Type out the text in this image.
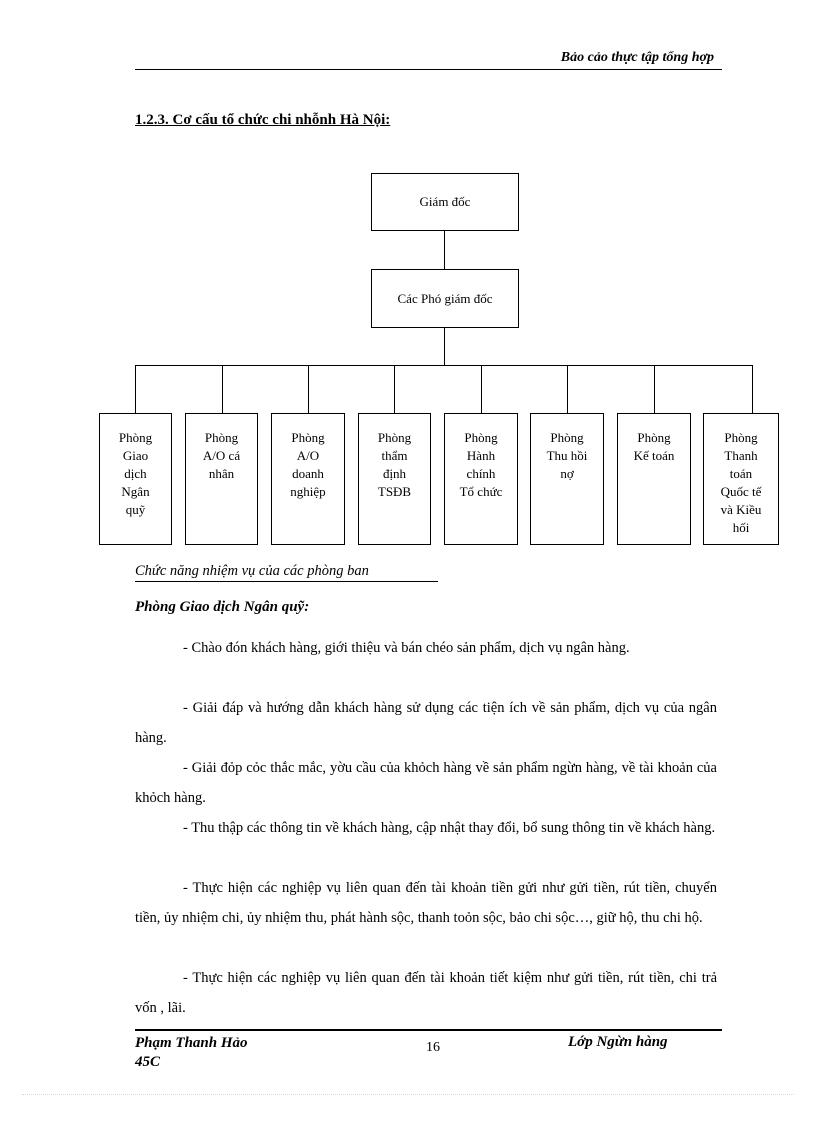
Bảo cảo thực tập tổng hợp
1.2.3. Cơ cấu tổ chức chi nhỗnh Hà Nội:
Giám đốc
Các Phó giám đốc
Phòng
Giao
dịch
Ngân
quỹ
Phòng
A/O cá
nhân
Phòng
A/O
doanh
nghiệp
Phòng
thẩm
định
TSĐB
Phòng
Hành
chính
Tổ chức
Phòng
Thu hồi
nợ
Phòng
Kế toán
Phòng
Thanh
toán
Quốc tế
và Kiều
hối
Chức năng nhiệm vụ của các phòng ban
Phòng Giao dịch Ngân quỹ:

- Chào đón khách hàng, giới thiệu và bán chéo sản phẩm, dịch vụ ngân hàng.

- Giải đáp và hướng dẫn khách hàng sử dụng các tiện ích về sản phẩm, dịch vụ của ngân hàng.

- Giải đỏp cỏc thắc mắc, yờu cầu của khỏch hàng về sản phẩm ngừn hàng, về tài khoản của khỏch hàng.

- Thu thập các thông tin về khách hàng, cập nhật thay đổi, bổ sung thông tin về khách hàng.

- Thực hiện các nghiệp vụ liên quan đến tài khoản tiền gửi như gửi tiền, rút tiền, chuyển tiền, ủy nhiệm chi, ủy nhiệm thu, phát hành sộc, thanh toỏn sộc, bảo chi sộc…, giữ hộ, thu chi hộ.

- Thực hiện các nghiệp vụ liên quan đến tài khoản tiết kiệm như gửi tiền, rút tiền, chi trả vốn , lãi.

Phạm Thanh Hảo
45C
16	Lớp Ngừn hàng
